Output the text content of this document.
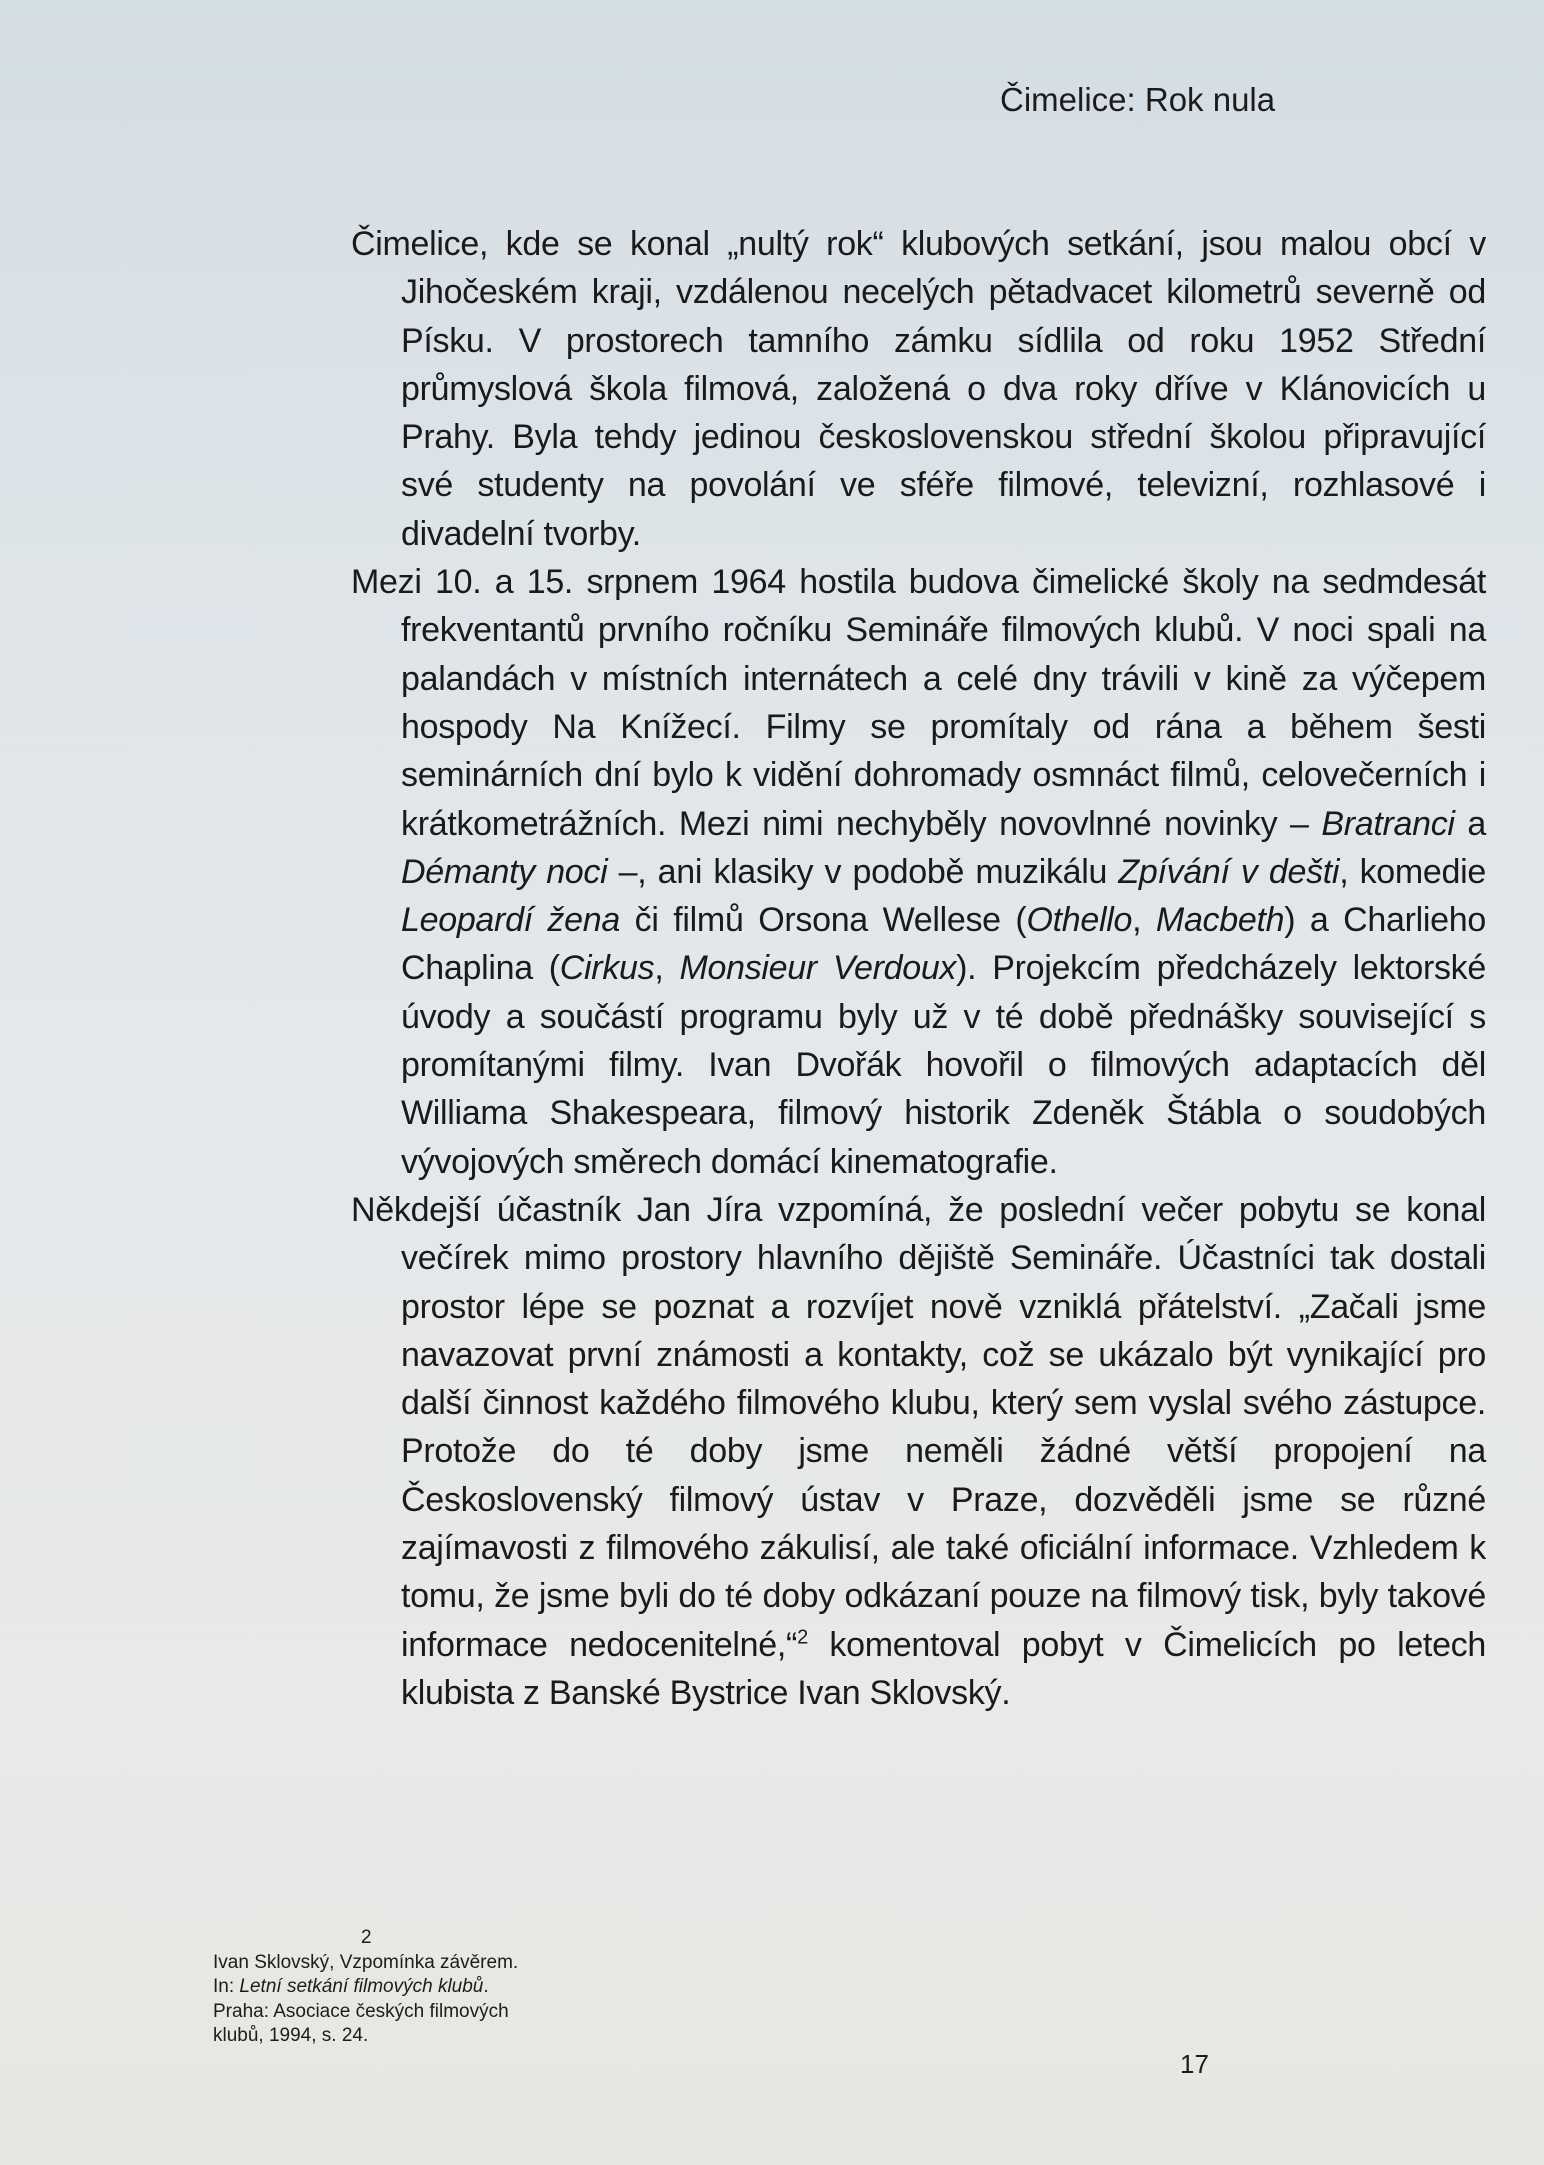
Čimelice: Rok nula

Čimelice, kde se konal „nultý rok“ klubových setkání, jsou malou obcí v Jihočeském kraji, vzdálenou necelých pětadvacet kilometrů severně od Písku. V prostorech tamního zámku sídlila od roku 1952 Střední průmyslová škola filmová, založená o dva roky dříve v Klánovicích u Prahy. Byla tehdy jedinou československou střední školou připravující své studenty na povolání ve sféře filmové, televizní, rozhlasové i divadelní tvorby.

Mezi 10. a 15. srpnem 1964 hostila budova čimelické školy na sedmdesát frekventantů prvního ročníku Semináře filmových klubů. V noci spali na palandách v místních internátech a celé dny trávili v kině za výčepem hospody Na Knížecí. Filmy se promítaly od rána a během šesti seminárních dní bylo k vidění dohromady osmnáct filmů, celovečerních i krátkometrážních. Mezi nimi nechyběly novovlnné novinky – Bratranci a Démanty noci –, ani klasiky v podobě muzikálu Zpívání v dešti, komedie Leopardí žena či filmů Orsona Wellese (Othello, Macbeth) a Charlieho Chaplina (Cirkus, Monsieur Verdoux). Projekcím předcházely lektorské úvody a součástí programu byly už v té době přednášky související s promítanými filmy. Ivan Dvořák hovořil o filmových adaptacích děl Williama Shakespeara, filmový historik Zdeněk Štábla o soudobých vývojových směrech domácí kinematografie.

Někdejší účastník Jan Jíra vzpomíná, že poslední večer pobytu se konal večírek mimo prostory hlavního dějiště Semináře. Účastníci tak dostali prostor lépe se poznat a rozvíjet nově vzniklá přátelství. „Začali jsme navazovat první známosti a kontakty, což se ukázalo být vynikající pro další činnost každého filmového klubu, který sem vyslal svého zástupce. Protože do té doby jsme neměli žádné větší propojení na Československý filmový ústav v Praze, dozvěděli jsme se různé zajímavosti z filmového zákulisí, ale také oficiální informace. Vzhledem k tomu, že jsme byli do té doby odkázaní pouze na filmový tisk, byly takové informace nedocenitelné,“$^2$ komentoval pobyt v Čimelicích po letech klubista z Banské Bystrice Ivan Sklovský.

2
Ivan Sklovský, Vzpomínka závěrem. In: Letní setkání filmových klubů. Praha: Asociace českých filmových klubů, 1994, s. 24.
17
